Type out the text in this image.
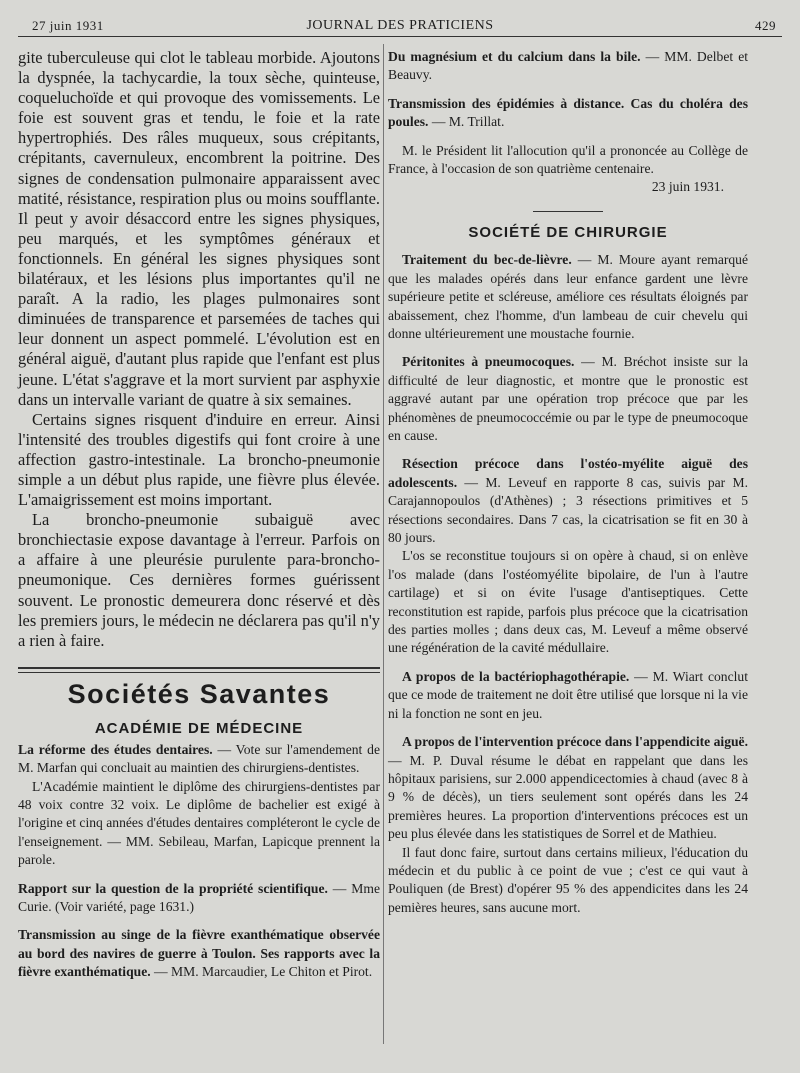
27 juin 1931	JOURNAL DES PRATICIENS	429

gite tuberculeuse qui clot le tableau morbide. Ajoutons la dyspnée, la tachycardie, la toux sèche, quinteuse, coqueluchoïde et qui provoque des vomissements. Le foie est souvent gras et tendu, le foie et la rate hypertrophiés. Des râles muqueux, sous crépitants, crépitants, cavernuleux, encombrent la poitrine. Des signes de condensation pulmonaire apparaissent avec matité, résistance, respiration plus ou moins soufflante. Il peut y avoir désaccord entre les signes physiques, peu marqués, et les symptômes généraux et fonctionnels. En général les signes physiques sont bilatéraux, et les lésions plus importantes qu'il ne paraît. A la radio, les plages pulmonaires sont diminuées de transparence et parsemées de taches qui leur donnent un aspect pommelé. L'évolution est en général aiguë, d'autant plus rapide que l'enfant est plus jeune. L'état s'aggrave et la mort survient par asphyxie dans un intervalle variant de quatre à six semaines.

Certains signes risquent d'induire en erreur. Ainsi l'intensité des troubles digestifs qui font croire à une affection gastro-intestinale. La broncho-pneumonie simple a un début plus rapide, une fièvre plus élevée. L'amaigrissement est moins important.

La broncho-pneumonie subaiguë avec bronchiectasie expose davantage à l'erreur. Parfois on a affaire à une pleurésie purulente para-broncho-pneumonique. Ces dernières formes guérissent souvent. Le pronostic demeurera donc réservé et dès les premiers jours, le médecin ne déclarera pas qu'il n'y a rien à faire.

Sociétés Savantes
ACADÉMIE DE MÉDECINE

La réforme des études dentaires. — Vote sur l'amendement de M. Marfan qui concluait au maintien des chirurgiens-dentistes.

L'Académie maintient le diplôme des chirurgiens-dentistes par 48 voix contre 32 voix. Le diplôme de bachelier est exigé à l'origine et cinq années d'études dentaires compléteront le cycle de l'enseignement. — MM. Sebileau, Marfan, Lapicque prennent la parole.

Rapport sur la question de la propriété scientifique. — Mme Curie. (Voir variété, page 1631.)

Transmission au singe de la fièvre exanthématique observée au bord des navires de guerre à Toulon. Ses rapports avec la fièvre exanthématique. — MM. Marcaudier, Le Chiton et Pirot.

Du magnésium et du calcium dans la bile. — MM. Delbet et Beauvy.

Transmission des épidémies à distance. Cas du choléra des poules. — M. Trillat.

M. le Président lit l'allocution qu'il a prononcée au Collège de France, à l'occasion de son quatrième centenaire.

23 juin 1931.

SOCIÉTÉ DE CHIRURGIE

Traitement du bec-de-lièvre. — M. Moure ayant remarqué que les malades opérés dans leur enfance gardent une lèvre supérieure petite et scléreuse, améliore ces résultats éloignés par abaissement, chez l'homme, d'un lambeau de cuir chevelu qui donne ultérieurement une moustache fournie.

Péritonites à pneumocoques. — M. Bréchot insiste sur la difficulté de leur diagnostic, et montre que le pronostic est aggravé autant par une opération trop précoce que par les phénomènes de pneumococcémie ou par le type de pneumocoque en cause.

Résection précoce dans l'ostéo-myélite aiguë des adolescents. — M. Leveuf en rapporte 8 cas, suivis par M. Carajannopoulos (d'Athènes) ; 3 résections primitives et 5 résections secondaires. Dans 7 cas, la cicatrisation se fit en 30 à 80 jours.

L'os se reconstitue toujours si on opère à chaud, si on enlève l'os malade (dans l'ostéomyélite bipolaire, de l'un à l'autre cartilage) et si on évite l'usage d'antiseptiques. Cette reconstitution est rapide, parfois plus précoce que la cicatrisation des parties molles ; dans deux cas, M. Leveuf a même observé une régénération de la cavité médullaire.

A propos de la bactériophagothérapie. — M. Wiart conclut que ce mode de traitement ne doit être utilisé que lorsque ni la vie ni la fonction ne sont en jeu.

A propos de l'intervention précoce dans l'appendicite aiguë. — M. P. Duval résume le débat en rappelant que dans les hôpitaux parisiens, sur 2.000 appendicectomies à chaud (avec 8 à 9 % de décès), un tiers seulement sont opérés dans les 24 premières heures. La proportion d'interventions précoces est un peu plus élevée dans les statistiques de Sorrel et de Mathieu.

Il faut donc faire, surtout dans certains milieux, l'éducation du médecin et du public à ce point de vue ; c'est ce qui vaut à Pouliquen (de Brest) d'opérer 95 % des appendicites dans les 24 pemières heures, sans aucune mort.
